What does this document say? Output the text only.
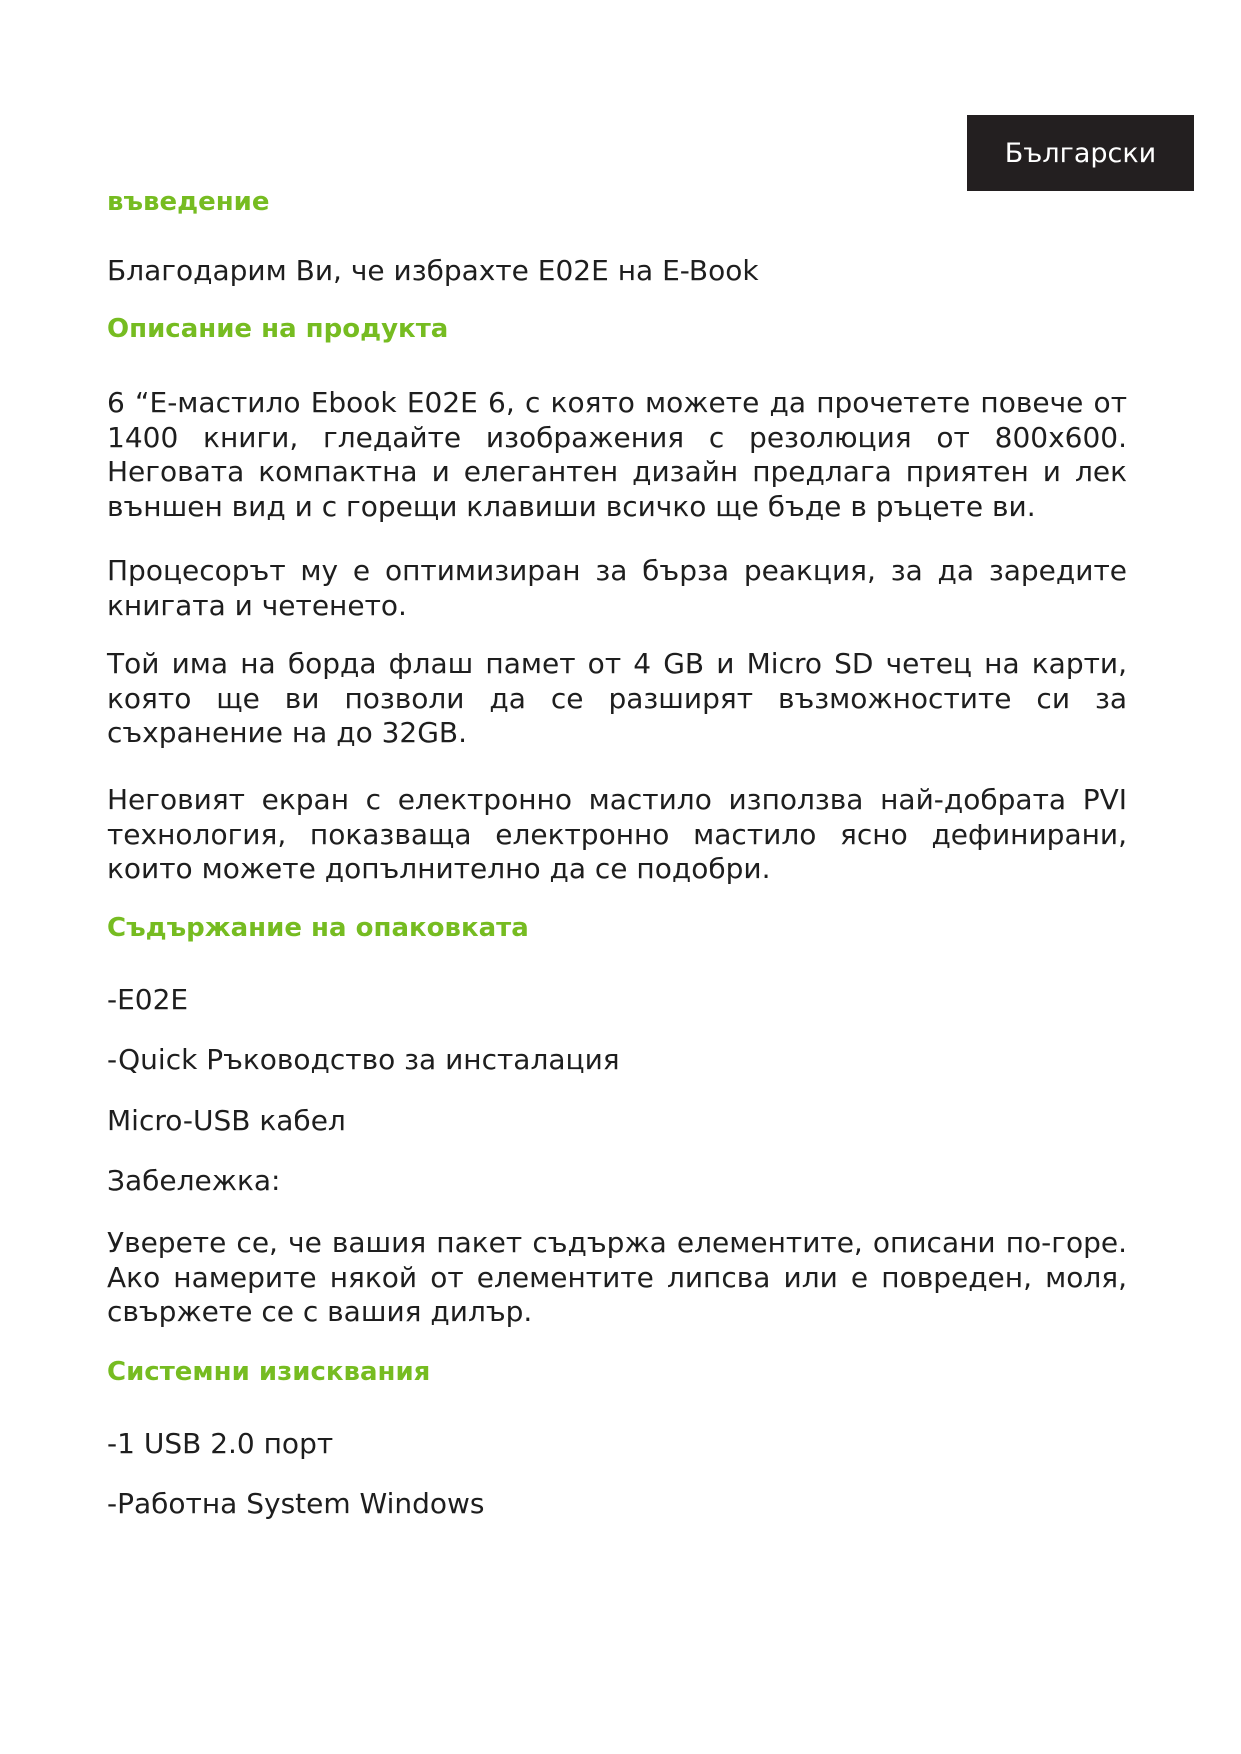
Български
въведение
Благодарим Ви, че избрахте E02E на E-Book
Описание на продукта
6 “Е-мастило Ebook E02E 6, с която можете да прочетете повече от 1400 книги, гледайте изображения с резолюция от 800x600. Неговата компактна и елегантен дизайн предлага приятен и лек външен вид и с горещи клавиши всичко ще бъде в ръцете ви.
Процесорът му е оптимизиран за бърза реакция, за да заредите книгата и четенето.
Той има на борда флаш памет от 4 GB и Micro SD четец на карти, която ще ви позволи да се разширят възможностите си за съхранение на до 32GB.
Неговият екран с електронно мастило използва най-добрата PVI технология, показваща електронно мастило ясно дефинирани, които можете допълнително да се подобри.
Съдържание на опаковката
-E02E
-Quick Ръководство за инсталация
Micro-USB кабел
Забележка:
Уверете се, че вашия пакет съдържа елементите, описани по-горе. Ако намерите някой от елементите липсва или е повреден, моля, свържете се с вашия дилър.
Системни изисквания
-1 USB 2.0 порт
-Работна System Windows
